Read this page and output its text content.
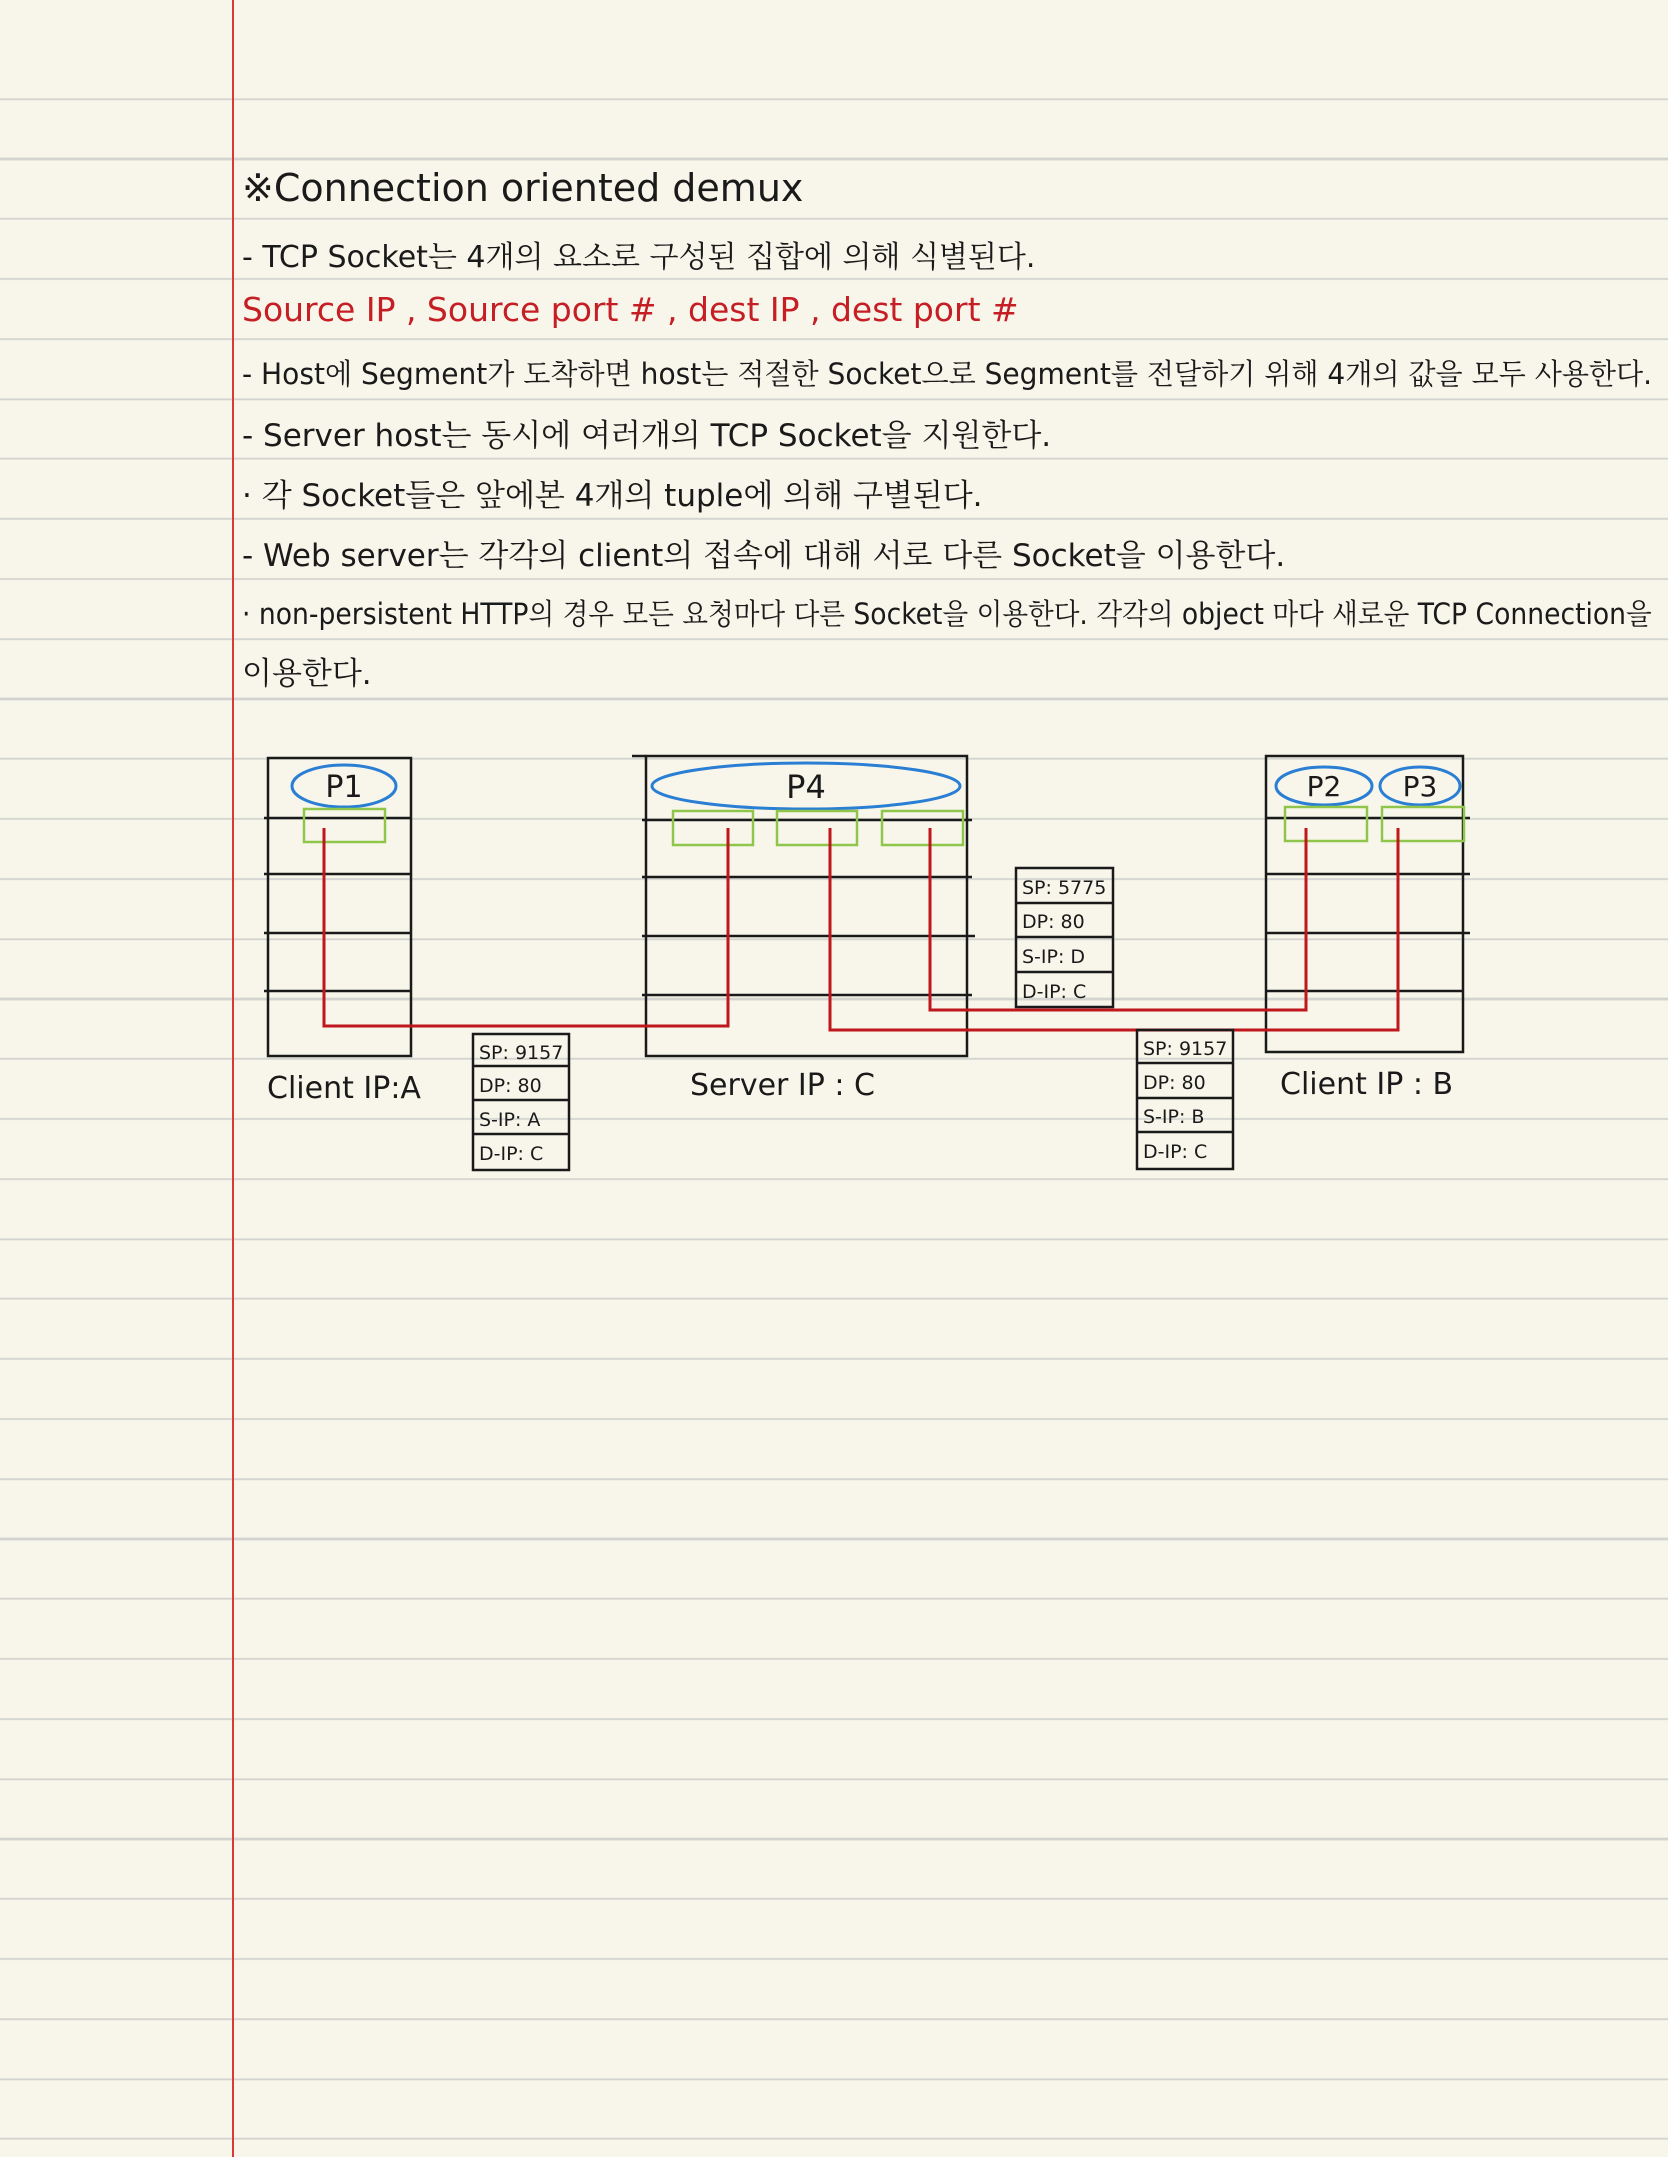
※Connection oriented demux

- TCP Socket는 4개의 요소로 구성된 집합에 의해 식별된다.

Source IP , Source port # , dest IP , dest port #

- Host에 Segment가 도착하면 host는 적절한 Socket으로 Segment를 전달하기 위해 4개의 값을 모두 사용한다.

- Server host는 동시에 여러개의 TCP Socket을 지원한다.

· 각 Socket들은 앞에본 4개의 tuple에 의해 구별된다.

- Web server는 각각의 client의 접속에 대해 서로 다른 Socket을 이용한다.

· non-persistent HTTP의 경우 모든 요청마다 다른 Socket을 이용한다. 각각의 object 마다 새로운 TCP Connection을

이용한다.

P1
Client IP:A
P4
Server IP : C
P2 P3
Client IP : B
SP: 9157
DP: 80
S-IP: A
D-IP: C
SP: 5775
DP: 80
S-IP: D
D-IP: C
SP: 9157
DP: 80
S-IP: B
D-IP: C
